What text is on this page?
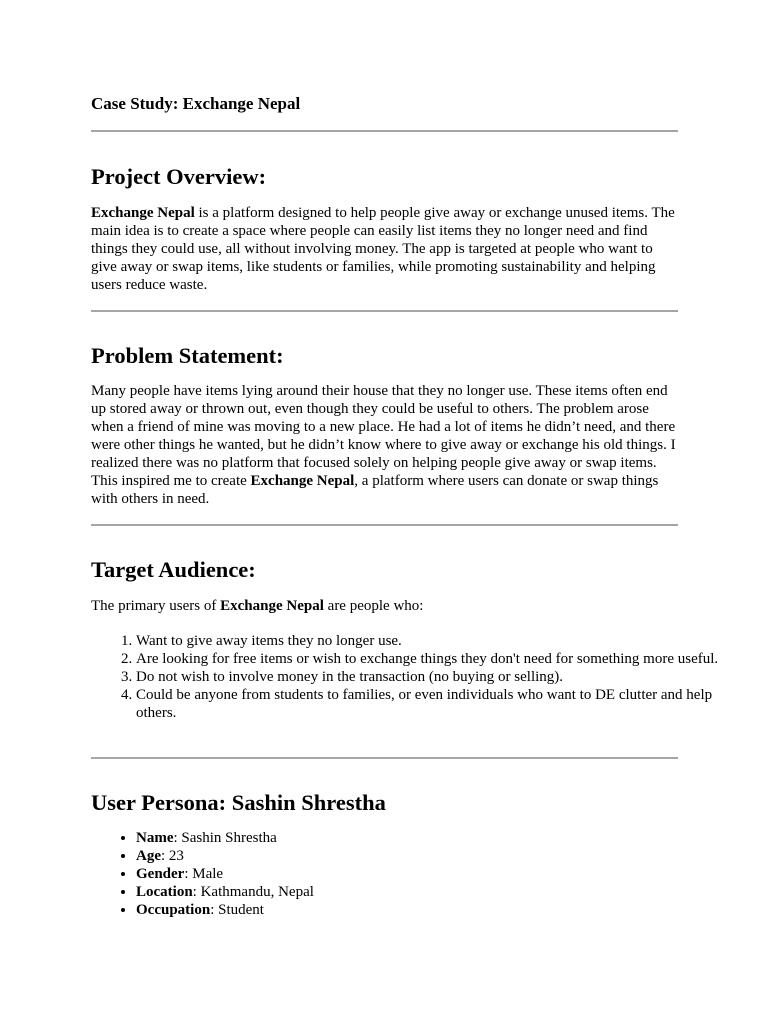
Case Study: Exchange Nepal
Project Overview:

Exchange Nepal is a platform designed to help people give away or exchange unused items. The main idea is to create a space where people can easily list items they no longer need and find things they could use, all without involving money. The app is targeted at people who want to give away or swap items, like students or families, while promoting sustainability and helping users reduce waste.

Problem Statement:

Many people have items lying around their house that they no longer use. These items often end up stored away or thrown out, even though they could be useful to others. The problem arose when a friend of mine was moving to a new place. He had a lot of items he didn’t need, and there were other things he wanted, but he didn’t know where to give away or exchange his old things. I realized there was no platform that focused solely on helping people give away or swap items. This inspired me to create Exchange Nepal, a platform where users can donate or swap things with others in need.

Target Audience:

The primary users of Exchange Nepal are people who:

1. Want to give away items they no longer use.
2. Are looking for free items or wish to exchange things they don't need for something more useful.
3. Do not wish to involve money in the transaction (no buying or selling).
4. Could be anyone from students to families, or even individuals who want to DE clutter and help others.
User Persona: Sashin Shrestha
• Name: Sashin Shrestha
• Age: 23
• Gender: Male
• Location: Kathmandu, Nepal
• Occupation: Student
